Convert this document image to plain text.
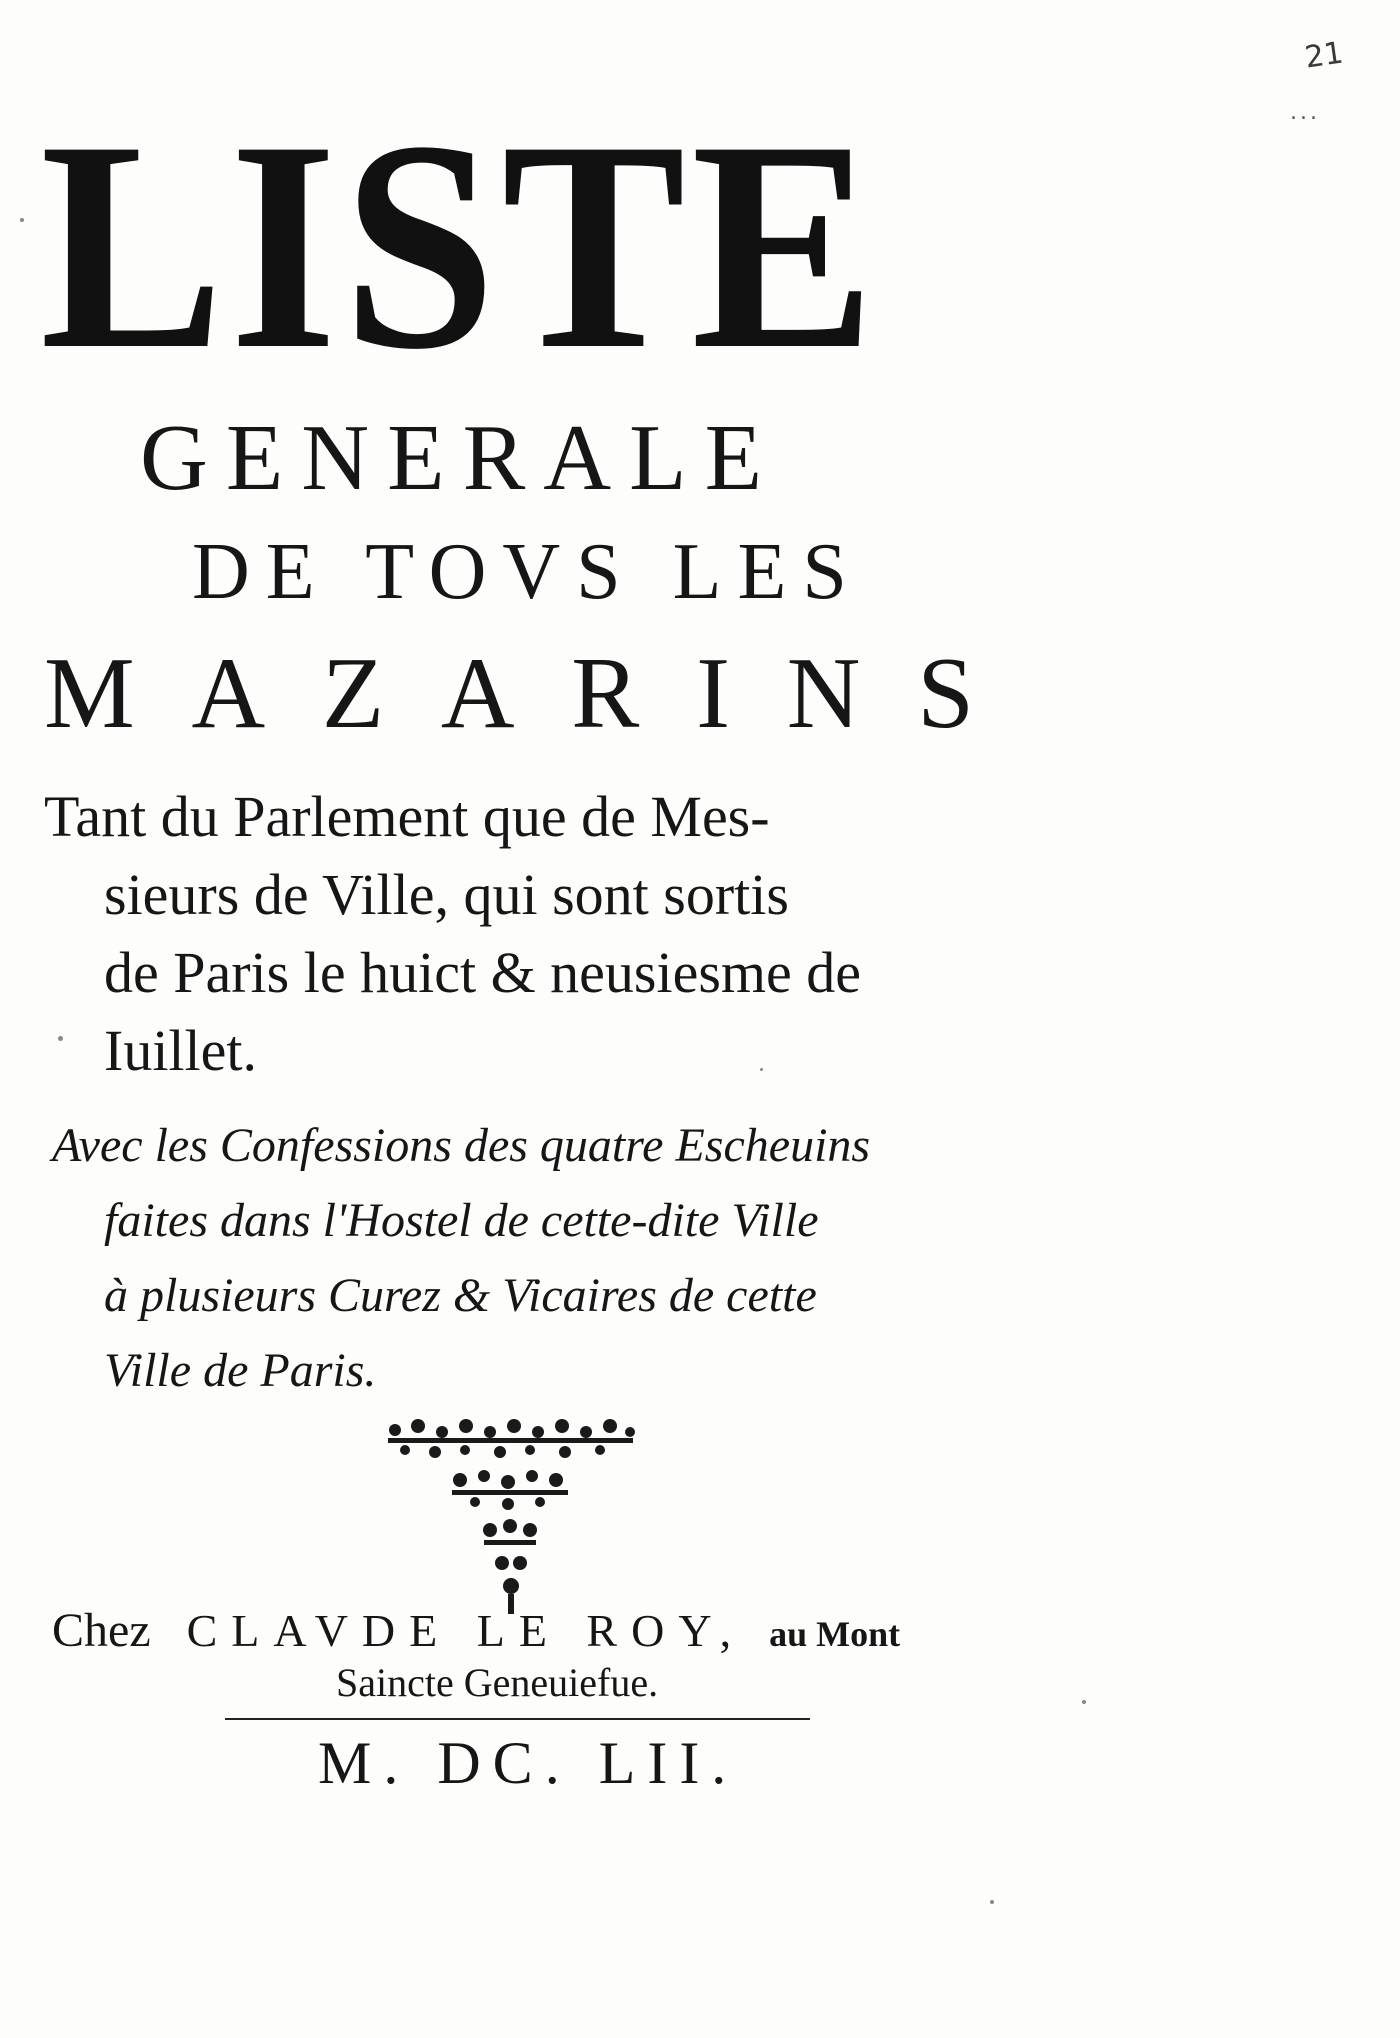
21
...
LISTE
GENERALE
DE TOVS LES
M A Z A R I N S
Tant du Parlement que de Mes-
sieurs de Ville, qui sont sortis
de Paris le huict & neusiesme de
Iuillet.
Avec les Confessions des quatre Escheuins
faites dans l'Hostel de cette-dite Ville
à plusieurs Curez & Vicaires de cette
Ville de Paris.
Chez CLAVDE LE ROY, au Mont
Saincte Geneuiefue.
M. DC. LII.
